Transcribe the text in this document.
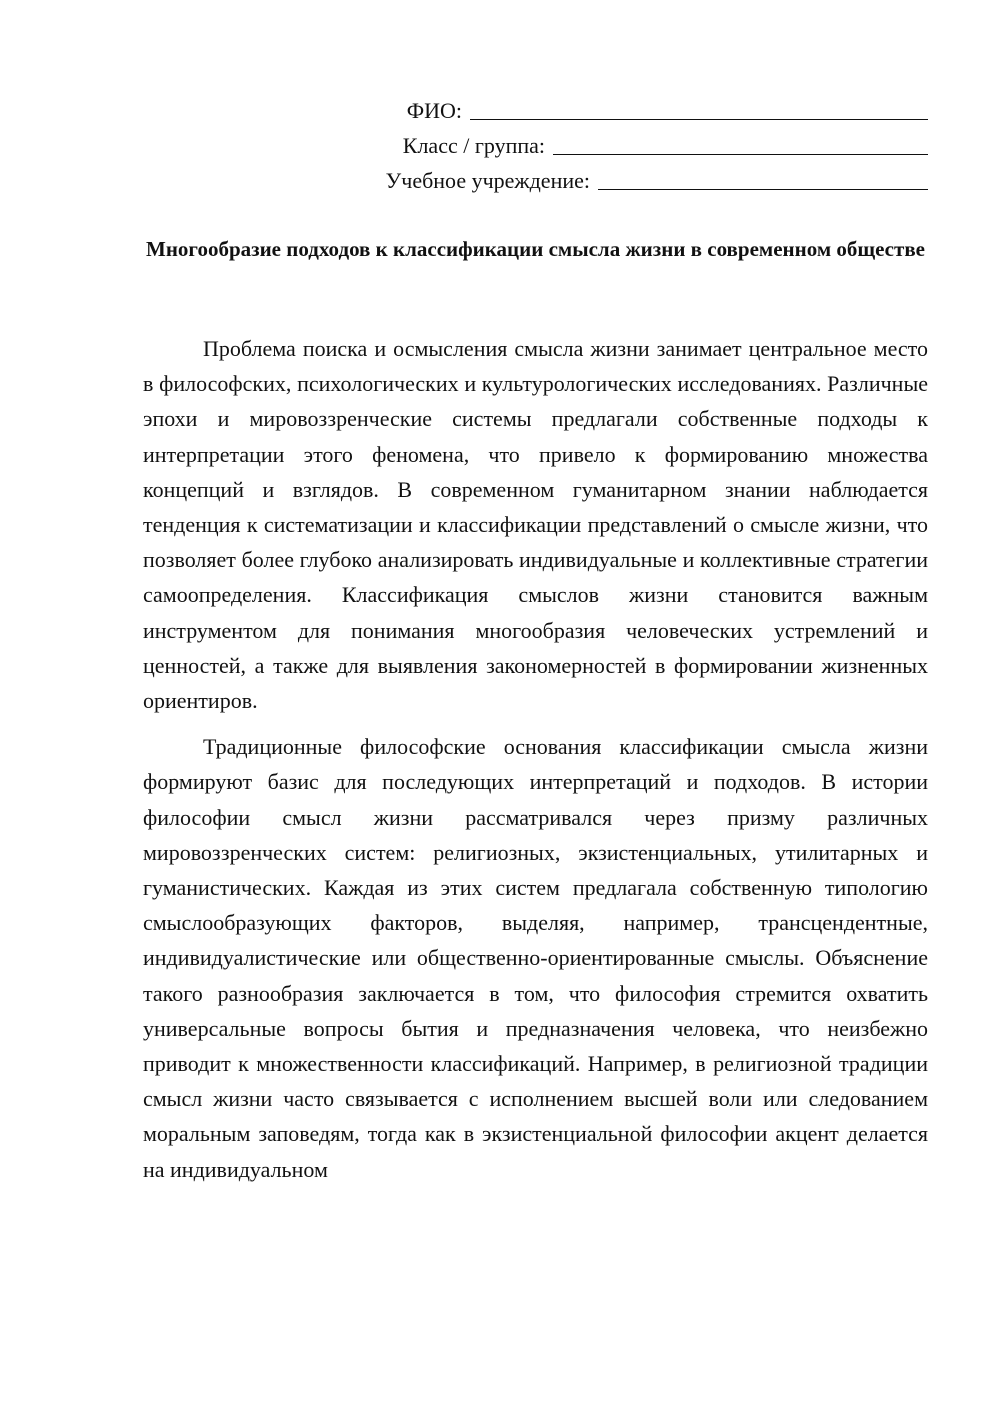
ФИО:
Класс / группа:
Учебное учреждение:
Многообразие подходов к классификации смысла жизни в современном обществе

Проблема поиска и осмысления смысла жизни занимает центральное место в философских, психологических и культурологических исследованиях. Различные эпохи и мировоззренческие системы предлагали собственные подходы к интерпретации этого феномена, что привело к формированию множества концепций и взглядов. В современном гуманитарном знании наблюдается тенденция к систематизации и классификации представлений о смысле жизни, что позволяет более глубоко анализировать индивидуальные и коллективные стратегии самоопределения. Классификация смыслов жизни становится важным инструментом для понимания многообразия человеческих устремлений и ценностей, а также для выявления закономерностей в формировании жизненных ориентиров.

Традиционные философские основания классификации смысла жизни формируют базис для последующих интерпретаций и подходов. В истории философии смысл жизни рассматривался через призму различных мировоззренческих систем: религиозных, экзистенциальных, утилитарных и гуманистических. Каждая из этих систем предлагала собственную типологию смыслообразующих факторов, выделяя, например, трансцендентные, индивидуалистические или общественно-ориентированные смыслы. Объяснение такого разнообразия заключается в том, что философия стремится охватить универсальные вопросы бытия и предназначения человека, что неизбежно приводит к множественности классификаций. Например, в религиозной традиции смысл жизни часто связывается с исполнением высшей воли или следованием моральным заповедям, тогда как в экзистенциальной философии акцент делается на индивидуальном
